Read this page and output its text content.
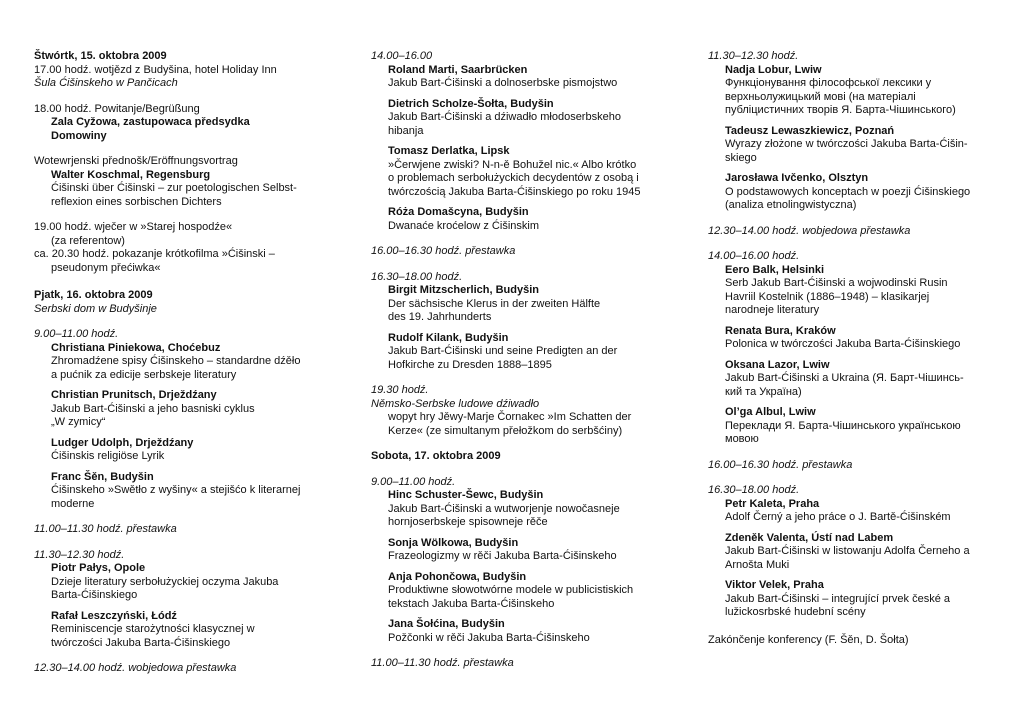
Štwórtk, 15. oktobra 2009
17.00 hodź. wotjězd z Budyšina, hotel Holiday Inn
Šula Ćišinskeho w Pančicach
18.00 hodź. Powitanje/Begrüßung
Zala Cyžowa, zastupowaca předsydka
Domowiny
Wotewrjenski přednošk/Eröffnungsvortrag
Walter Koschmal, Regensburg
Ćišinski über Ćišinski – zur poetologischen Selbst-
reflexion eines sorbischen Dichters
19.00 hodź. wječer w »Starej hospodźe«
(za referentow)
ca. 20.30 hodź. pokazanje krótkofilma »Ćišinski –
pseudonym přećiwka«
Pjatk, 16. oktobra 2009
Serbski dom w Budyšinje
9.00–11.00 hodź.
Christiana Piniekowa, Choćebuz
Zhromadźene spisy Ćišinskeho – standardne dźěło
a pućnik za edicije serbskeje literatury
Christian Prunitsch, Drježdźany
Jakub Bart-Ćišinski a jeho basniski cyklus
„W zymicy“
Ludger Udolph, Drježdźany
Ćišinskis religiöse Lyrik
Franc Šěn, Budyšin
Ćišinskeho »Swětło z wyšiny« a stejišćo k literarnej
moderne
11.00–11.30 hodź. přestawka
11.30–12.30 hodź.
Piotr Pałys, Opole
Dzieje literatury serbołużyckiej oczyma Jakuba
Barta-Ćišinskiego
Rafał Leszczyński, Łódź
Reminiscencje starożytności klasycznej w
twórczości Jakuba Barta-Ćišinskiego
12.30–14.00 hodź. wobjedowa přestawka
14.00–16.00
Roland Marti, Saarbrücken
Jakub Bart-Ćišinski a dolnoserbske pismojstwo
Dietrich Scholze-Šołta, Budyšin
Jakub Bart-Ćišinski a dźiwadło młodoserbskeho
hibanja
Tomasz Derlatka, Lipsk
»Čerwjene zwiski? N-n-ě Bohužel nic.« Albo krótko
o problemach serbołużyckich decydentów z osobą i
twórczością Jakuba Barta-Ćišinskiego po roku 1945
Róża Domašcyna, Budyšin
Dwanaće kroćelow z Ćišinskim
16.00–16.30 hodź. přestawka
16.30–18.00 hodź.
Birgit Mitzscherlich, Budyšin
Der sächsische Klerus in der zweiten Hälfte
des 19. Jahrhunderts
Rudolf Kilank, Budyšin
Jakub Bart-Ćišinski und seine Predigten an der
Hofkirche zu Dresden 1888–1895
19.30 hodź.
Němsko-Serbske ludowe dźiwadło
wopyt hry Jěwy-Marje Čornakec »Im Schatten der
Kerze« (ze simultanym přełožkom do serbšćiny)
Sobota, 17. oktobra 2009
9.00–11.00 hodź.
Hinc Schuster-Šewc, Budyšin
Jakub Bart-Ćišinski a wutworjenje nowočasneje
hornjoserbskeje spisowneje rěče
Sonja Wölkowa, Budyšin
Frazeologizmy w rěči Jakuba Barta-Ćišinskeho
Anja Pohončowa, Budyšin
Produktiwne słowotwórne modele w publicistiskich
tekstach Jakuba Barta-Ćišinskeho
Jana Šołćina, Budyšin
Požčonki w rěči Jakuba Barta-Ćišinskeho
11.00–11.30 hodź. přestawka
11.30–12.30 hodź.
Nadja Lobur, Lwiw
Функціонування філософської лексики у
верхньолужицький мові (на матеріалі
публіцистичних творів Я. Барта-Чішинського)
Tadeusz Lewaszkiewicz, Poznań
Wyrazy złożone w twórczości Jakuba Barta-Ćišin-
skiego
Jarosława Ivčenko, Olsztyn
O podstawowych konceptach w poezji Ćišinskiego
(analiza etnolingwistyczna)
12.30–14.00 hodź. wobjedowa přestawka
14.00–16.00 hodź.
Eero Balk, Helsinki
Serb Jakub Bart-Ćišinski a wojwodinski Rusin
Havriil Kostelnik (1886–1948) – klasikarjej
narodneje literatury
Renata Bura, Kraków
Polonica w twórczości Jakuba Barta-Ćišinskiego
Oksana Lazor, Lwiw
Jakub Bart-Ćišinski a Ukraina (Я. Барт-Чішинсь-
кий та Україна)
Ol’ga Albul, Lwiw
Переклади Я. Барта-Чішинського українською
мовою
16.00–16.30 hodź. přestawka
16.30–18.00 hodź.
Petr Kaleta, Praha
Adolf Černý a jeho práce o J. Bartě-Ćišinském
Zdeněk Valenta, Ústí nad Labem
Jakub Bart-Ćišinski w listowanju Adolfa Černeho a
Arnošta Muki
Viktor Velek, Praha
Jakub Bart-Ćišinski – integrující prvek české a
lužickosrbské hudební scény
Zakónčenje konferency (F. Šěn, D. Šołta)
